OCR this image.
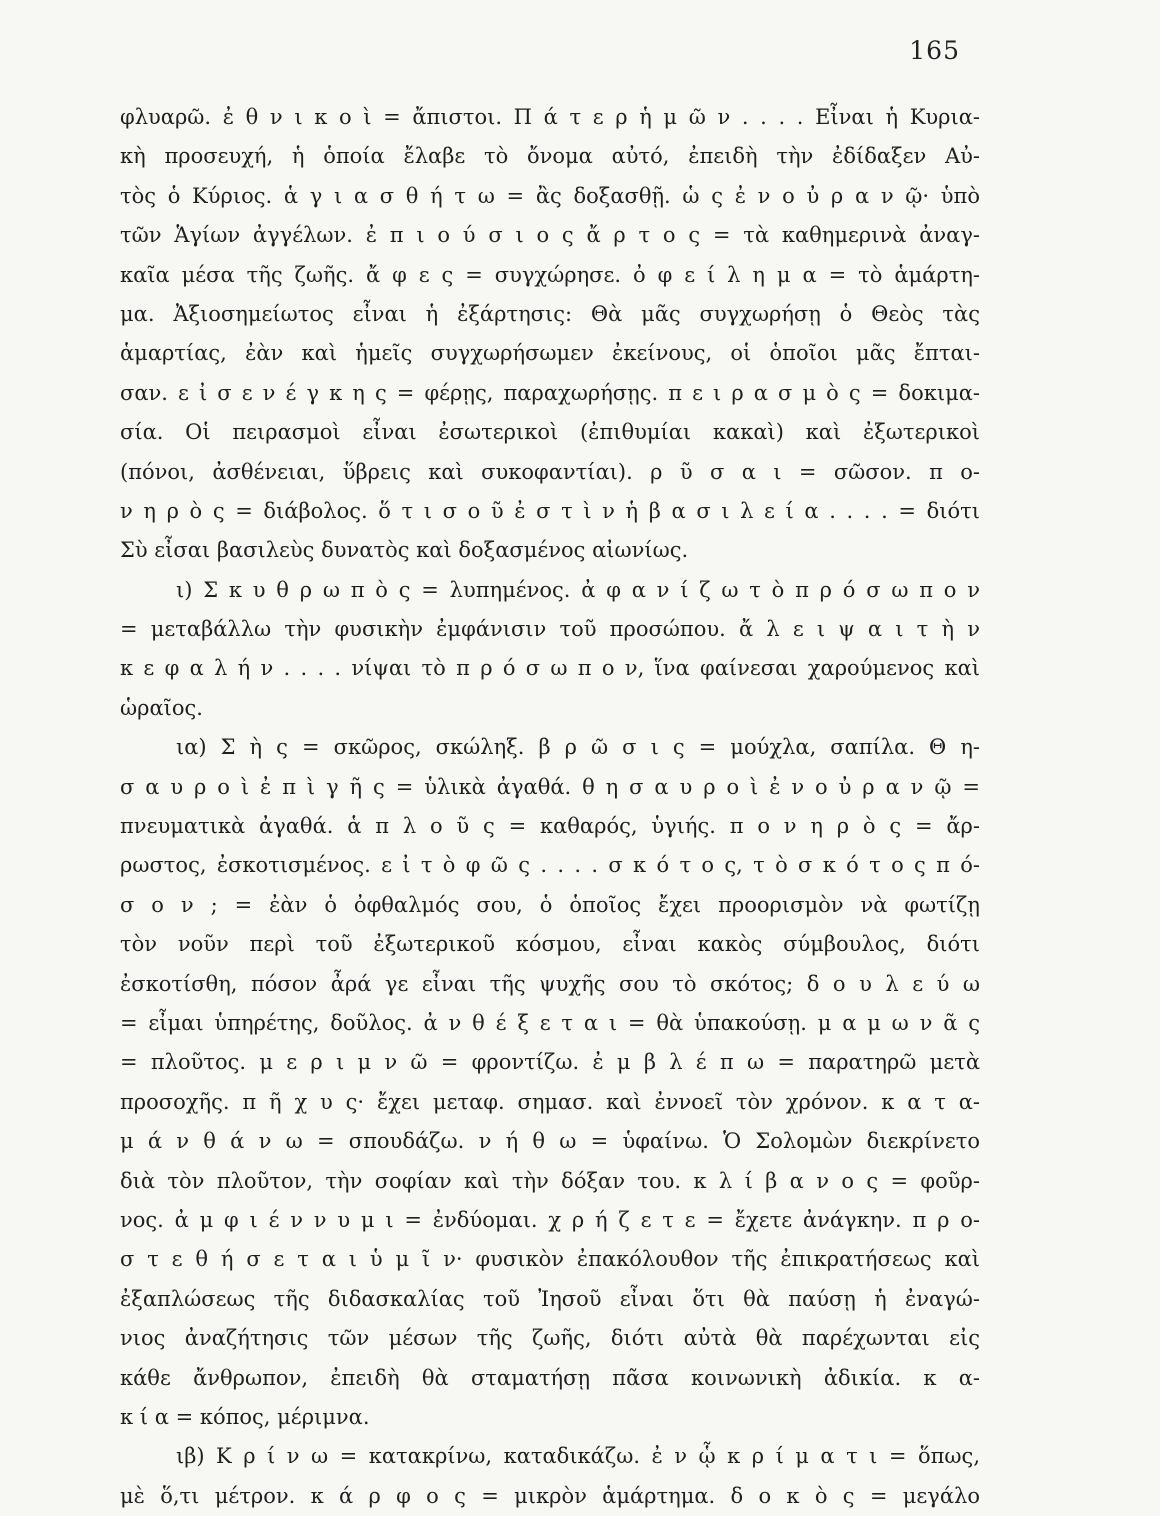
165
φλυαρῶ. ἐ θ ν ι κ ο ὶ = ἄπιστοι. Π ά τ ε ρ ἡ μ ῶ ν . . . . Εἶναι ἡ Κυρια-
κὴ προσευχή, ἡ ὁποία ἔλαβε τὸ ὄνομα αὐτό, ἐπειδὴ τὴν ἐδίδαξεν Αὐ-
τὸς ὁ Κύριος. ἁ γ ι α σ θ ή τ ω = ἂς δοξασθῇ. ὡ ς ἐ ν ο ὐ ρ α ν ῷ· ὑπὸ
τῶν Ἁγίων ἀγγέλων. ἐ π ι ο ύ σ ι ο ς ἄ ρ τ ο ς = τὰ καθημερινὰ ἀναγ-
καῖα μέσα τῆς ζωῆς. ἄ φ ε ς = συγχώρησε. ὀ φ ε ί λ η μ α = τὸ ἁμάρτη-
μα. Ἀξιοσημείωτος εἶναι ἡ ἐξάρτησις: Θὰ μᾶς συγχωρήσῃ ὁ Θεὸς τὰς
ἁμαρτίας, ἐὰν καὶ ἡμεῖς συγχωρήσωμεν ἐκείνους, οἱ ὁποῖοι μᾶς ἔπται-
σαν. ε ἰ σ ε ν έ γ κ η ς = φέρῃς, παραχωρήσῃς. π ε ι ρ α σ μ ὸ ς = δοκιμα-
σία. Οἱ πειρασμοὶ εἶναι ἐσωτερικοὶ (ἐπιθυμίαι κακαὶ) καὶ ἐξωτερικοὶ
(πόνοι, ἀσθένειαι, ὕβρεις καὶ συκοφαντίαι). ρ ῦ σ α ι = σῶσον. π ο-
ν η ρ ὸ ς = διάβολος. ὅ τ ι σ ο ῦ ἐ σ τ ὶ ν ἡ β α σ ι λ ε ί α . . . . = διότι
Σὺ εἶσαι βασιλεὺς δυνατὸς καὶ δοξασμένος αἰωνίως.
ι) Σ κ υ θ ρ ω π ὸ ς = λυπημένος. ἀ φ α ν ί ζ ω τ ὸ π ρ ό σ ω π ο ν
= μεταβάλλω τὴν φυσικὴν ἐμφάνισιν τοῦ προσώπου. ἄ λ ε ι ψ α ι τ ὴ ν
κ ε φ α λ ή ν . . . . νίψαι τὸ π ρ ό σ ω π ο ν, ἵνα φαίνεσαι χαρούμενος καὶ
ὡραῖος.
ια) Σ ὴ ς = σκῶρος, σκώληξ. β ρ ῶ σ ι ς = μούχλα, σαπίλα. Θ η-
σ α υ ρ ο ὶ ἐ π ὶ γ ῆ ς = ὑλικὰ ἀγαθά. θ η σ α υ ρ ο ὶ ἐ ν ο ὐ ρ α ν ῷ =
πνευματικὰ ἀγαθά. ἁ π λ ο ῦ ς = καθαρός, ὑγιής. π ο ν η ρ ὸ ς = ἄρ-
ρωστος, ἐσκοτισμένος. ε ἰ τ ὸ φ ῶ ς . . . . σ κ ό τ ο ς, τ ὸ σ κ ό τ ο ς π ό-
σ ο ν ; = ἐὰν ὁ ὀφθαλμός σου, ὁ ὁποῖος ἔχει προορισμὸν νὰ φωτίζῃ
τὸν νοῦν περὶ τοῦ ἐξωτερικοῦ κόσμου, εἶναι κακὸς σύμβουλος, διότι
ἐσκοτίσθη, πόσον ἆρά γε εἶναι τῆς ψυχῆς σου τὸ σκότος; δ ο υ λ ε ύ ω
= εἶμαι ὑπηρέτης, δοῦλος. ἀ ν θ έ ξ ε τ α ι = θὰ ὑπακούσῃ. μ α μ ω ν ᾶ ς
= πλοῦτος. μ ε ρ ι μ ν ῶ = φροντίζω. ἐ μ β λ έ π ω = παρατηρῶ μετὰ
προσοχῆς. π ῆ χ υ ς· ἔχει μεταφ. σημασ. καὶ ἐννοεῖ τὸν χρόνον. κ α τ α-
μ ά ν θ ά ν ω = σπουδάζω. ν ή θ ω = ὑφαίνω. Ὁ Σολομὼν διεκρίνετο
διὰ τὸν πλοῦτον, τὴν σοφίαν καὶ τὴν δόξαν του. κ λ ί β α ν ο ς = φοῦρ-
νος. ἀ μ φ ι έ ν ν υ μ ι = ἐνδύομαι. χ ρ ή ζ ε τ ε = ἔχετε ἀνάγκην. π ρ ο-
σ τ ε θ ή σ ε τ α ι ὑ μ ῖ ν· φυσικὸν ἐπακόλουθον τῆς ἐπικρατήσεως καὶ
ἐξαπλώσεως τῆς διδασκαλίας τοῦ Ἰησοῦ εἶναι ὅτι θὰ παύσῃ ἡ ἐναγώ-
νιος ἀναζήτησις τῶν μέσων τῆς ζωῆς, διότι αὐτὰ θὰ παρέχωνται εἰς
κάθε ἄνθρωπον, ἐπειδὴ θὰ σταματήσῃ πᾶσα κοινωνικὴ ἀδικία. κ α-
κ ί α = κόπος, μέριμνα.
ιβ) Κ ρ ί ν ω = κατακρίνω, καταδικάζω. ἐ ν ᾧ κ ρ ί μ α τ ι = ὅπως,
μὲ ὅ,τι μέτρον. κ ά ρ φ ο ς = μικρὸν ἁμάρτημα. δ ο κ ὸ ς = μεγάλο
